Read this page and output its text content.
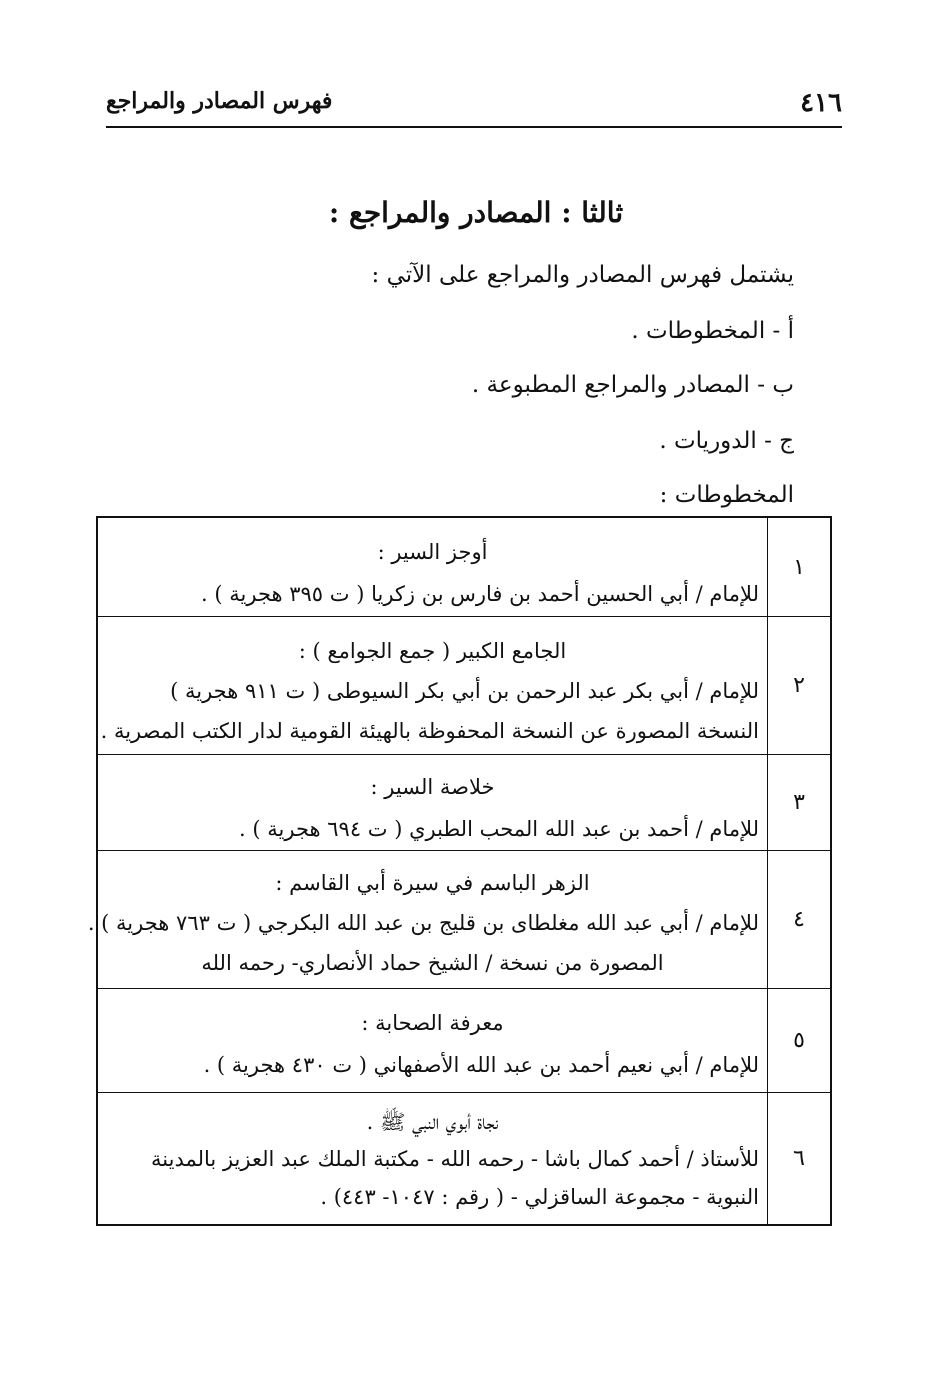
٤١٦
فهرس المصادر والمراجع
ثالثا : المصادر والمراجع :
يشتمل فهرس المصادر والمراجع على الآتي :
أ - المخطوطات .
ب - المصادر والمراجع المطبوعة .
ج - الدوريات .
المخطوطات :
١
أوجز السير :
للإمام / أبي الحسين أحمد بن فارس بن زكريا ( ت ٣٩٥ هجرية ) .
٢
الجامع الكبير ( جمع الجوامع ) :
للإمام / أبي بكر عبد الرحمن بن أبي بكر السيوطى ( ت ٩١١ هجرية )
النسخة المصورة عن النسخة المحفوظة بالهيئة القومية لدار الكتب المصرية .
٣
خلاصة السير :
للإمام / أحمد بن عبد الله المحب الطبري ( ت ٦٩٤ هجرية ) .
٤
الزهر الباسم في سيرة أبي القاسم :
للإمام / أبي عبد الله مغلطاى بن قليج بن عبد الله البكرجي ( ت ٧٦٣ هجرية ) .
المصورة من نسخة / الشيخ حماد الأنصاري- رحمه الله
٥
معرفة الصحابة :
للإمام / أبي نعيم أحمد بن عبد الله الأصفهاني ( ت ٤٣٠ هجرية ) .
٦
نجاة أبوي النبي ﷺ .
للأستاذ / أحمد كمال باشا - رحمه الله - مكتبة الملك عبد العزيز بالمدينة
النبوية - مجموعة الساقزلي - ( رقم : ١٠٤٧- ٤٤٣) .
